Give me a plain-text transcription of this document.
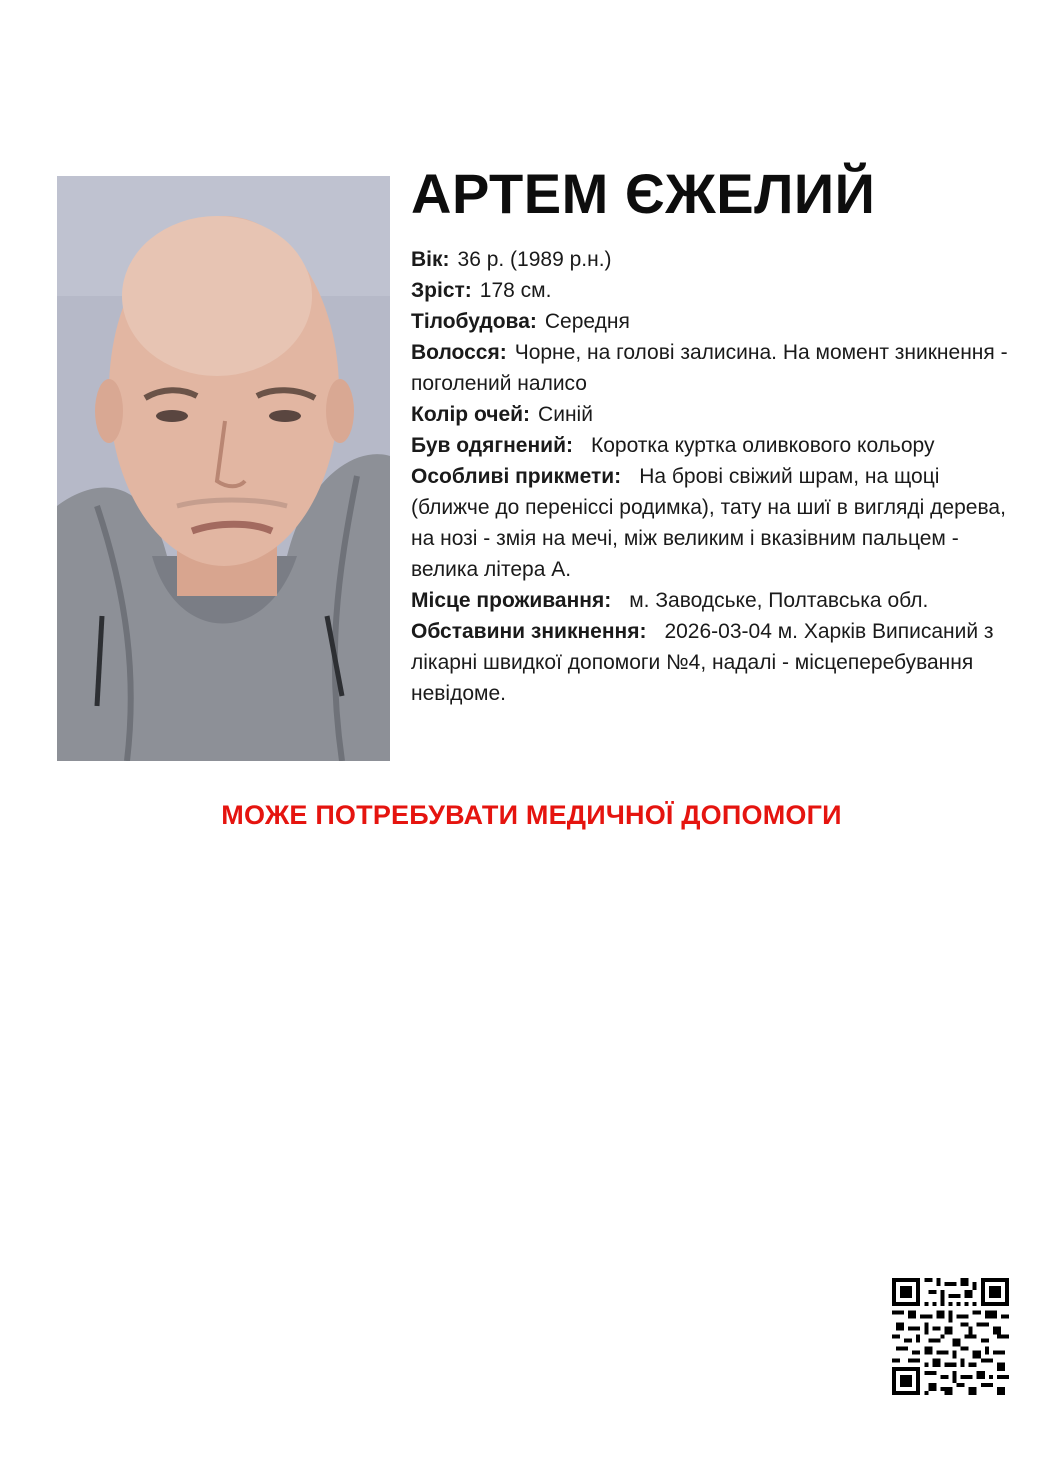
АРТЕМ ЄЖЕЛИЙ

Вік: 36 р. (1989 р.н.)

Зріст: 178 см.

Тілобудова: Середня

Волосся: Чорне, на голові залисина. На момент зникнення - поголений налисо

Колір очей: Синій

Був одягнений: Коротка куртка оливкового кольору

Особливі прикмети: На брові свіжий шрам, на щоці (ближче до переніссі родимка), тату на шиї в вигляді дерева, на нозі - змія на мечі, між великим і вказівним пальцем - велика літера А.

Місце проживання: м. Заводське, Полтавська обл.

Обставини зникнення: 2026-03-04 м. Харків Виписаний з лікарні швидкої допомоги №4, надалі - місцеперебування невідоме.

МОЖЕ ПОТРЕБУВАТИ МЕДИЧНОЇ ДОПОМОГИ
